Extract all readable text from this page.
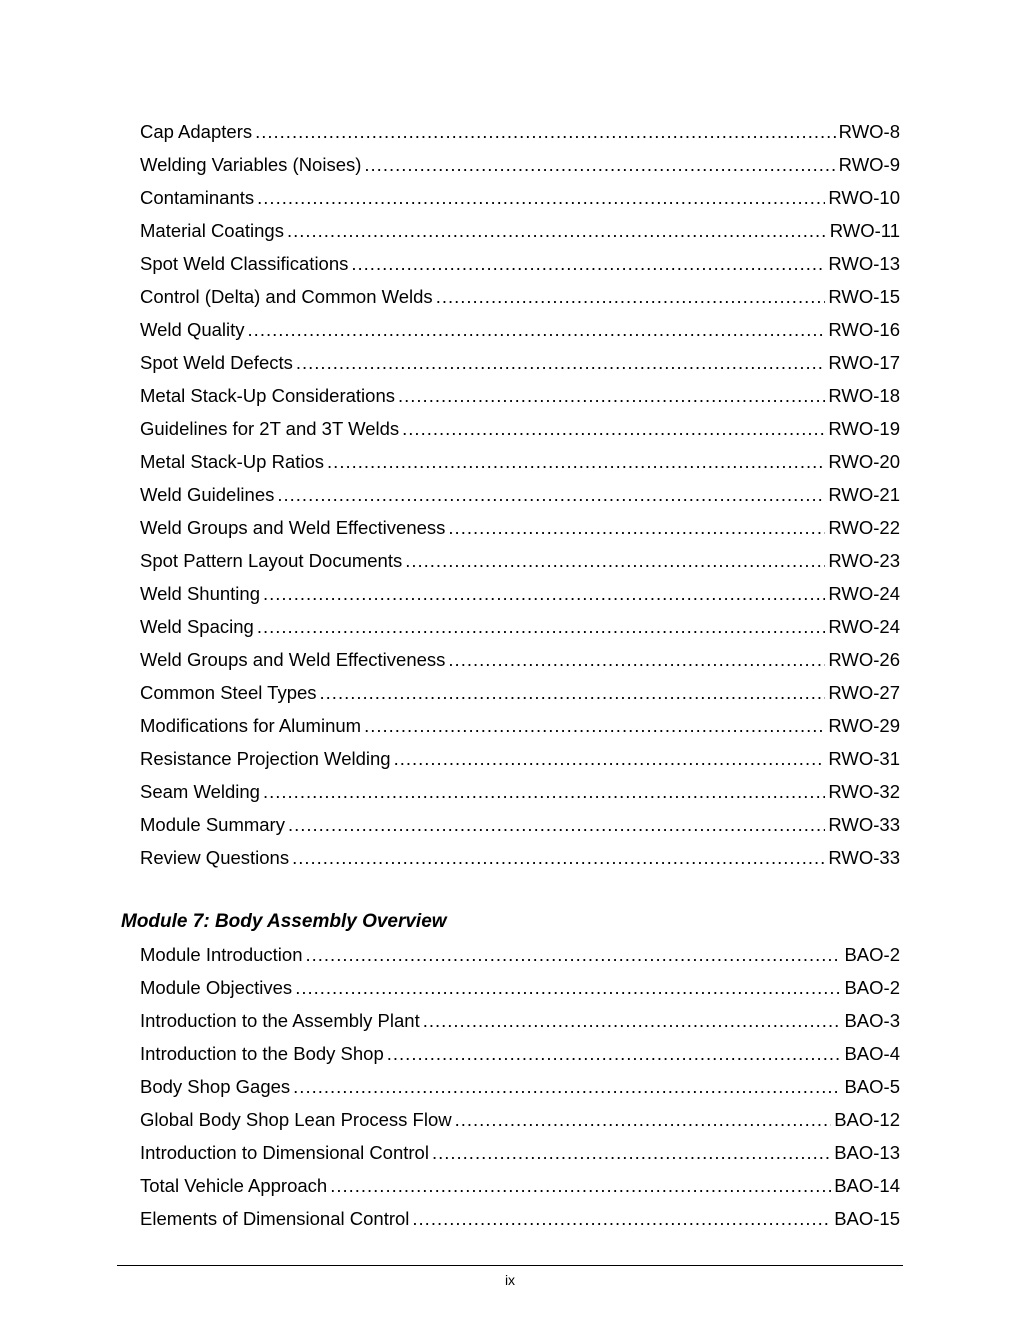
Cap Adapters .....	RWO-8
Welding Variables (Noises) .....	RWO-9
Contaminants .....	RWO-10
Material Coatings .....	RWO-11
Spot Weld Classifications .....	RWO-13
Control (Delta) and Common Welds .....	RWO-15
Weld Quality .....	RWO-16
Spot Weld Defects .....	RWO-17
Metal Stack-Up Considerations .....	RWO-18
Guidelines for 2T and 3T Welds .....	RWO-19
Metal Stack-Up Ratios .....	RWO-20
Weld Guidelines .....	RWO-21
Weld Groups and Weld Effectiveness .....	RWO-22
Spot Pattern Layout Documents .....	RWO-23
Weld Shunting .....	RWO-24
Weld Spacing .....	RWO-24
Weld Groups and Weld Effectiveness .....	RWO-26
Common Steel Types .....	RWO-27
Modifications for Aluminum .....	RWO-29
Resistance Projection Welding .....	RWO-31
Seam Welding .....	RWO-32
Module Summary .....	RWO-33
Review Questions .....	RWO-33
Module 7: Body Assembly Overview
Module Introduction .....	BAO-2
Module Objectives .....	BAO-2
Introduction to the Assembly Plant .....	BAO-3
Introduction to the Body Shop .....	BAO-4
Body Shop Gages .....	BAO-5
Global Body Shop Lean Process Flow .....	BAO-12
Introduction to Dimensional Control .....	BAO-13
Total Vehicle Approach .....	BAO-14
Elements of Dimensional Control .....	BAO-15
ix
